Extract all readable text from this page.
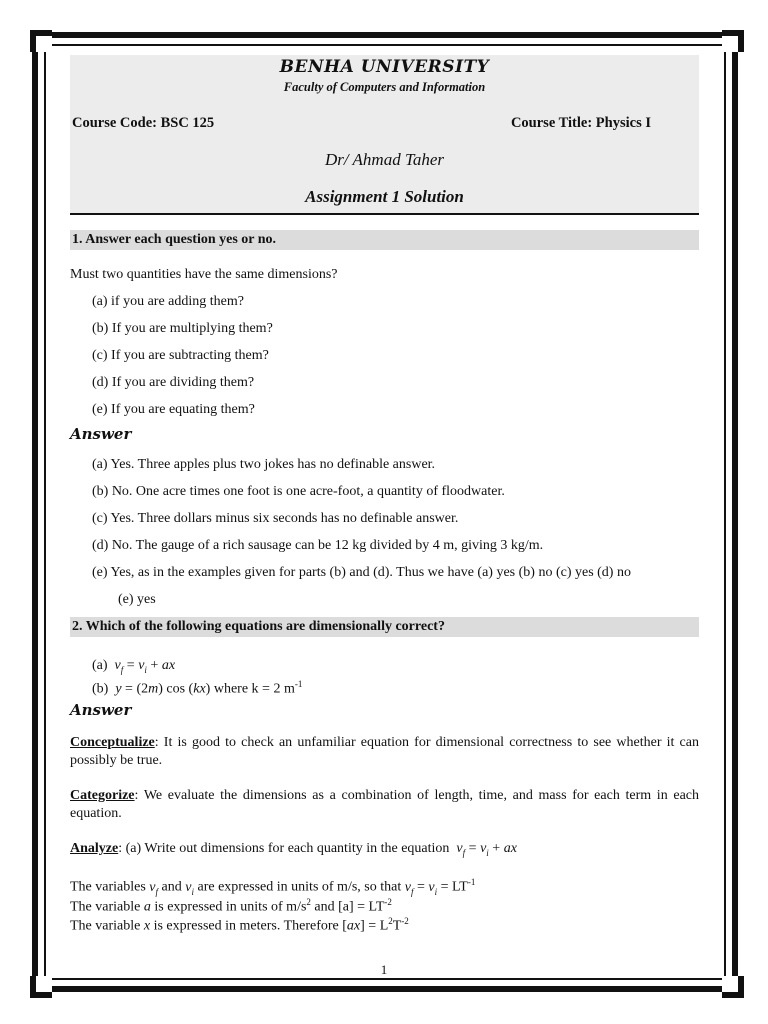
BENHA UNIVERSITY
Faculty of Computers and Information
Course Code: BSC 125	Course Title: Physics I
Dr/ Ahmad Taher
Assignment 1 Solution
1. Answer each question yes or no.

Must two quantities have the same dimensions?

(a) if you are adding them?
(b) If you are multiplying them?
(c) If you are subtracting them?
(d) If you are dividing them?
(e) If you are equating them?
Answer
(a) Yes. Three apples plus two jokes has no definable answer.
(b) No. One acre times one foot is one acre-foot, a quantity of floodwater.
(c) Yes. Three dollars minus six seconds has no definable answer.
(d) No. The gauge of a rich sausage can be 12 kg divided by 4 m, giving 3 kg/m.
(e) Yes, as in the examples given for parts (b) and (d). Thus we have (a) yes (b) no (c) yes (d) no
(e) yes
2. Which of the following equations are dimensionally correct?
(a) $v_f = v_i$ + ax
(b) y = (2m) cos (kx) where k = 2 $m^{-1}$
Answer

Conceptualize: It is good to check an unfamiliar equation for dimensional correctness to see whether it can possibly be true.

Categorize: We evaluate the dimensions as a combination of length, time, and mass for each term in each equation.

Analyze: (a) Write out dimensions for each quantity in the equation $v_f = v_i$ + ax

The variables $v_f$ and $v_i$ are expressed in units of m/s, so that $v_f = v_i = LT^{-1}$
The variable a is expressed in units of $m/s^2$ and $[a] = LT^{-2}$
The variable x is expressed in meters. Therefore $[ax] = L^2T^{-2}$
1
